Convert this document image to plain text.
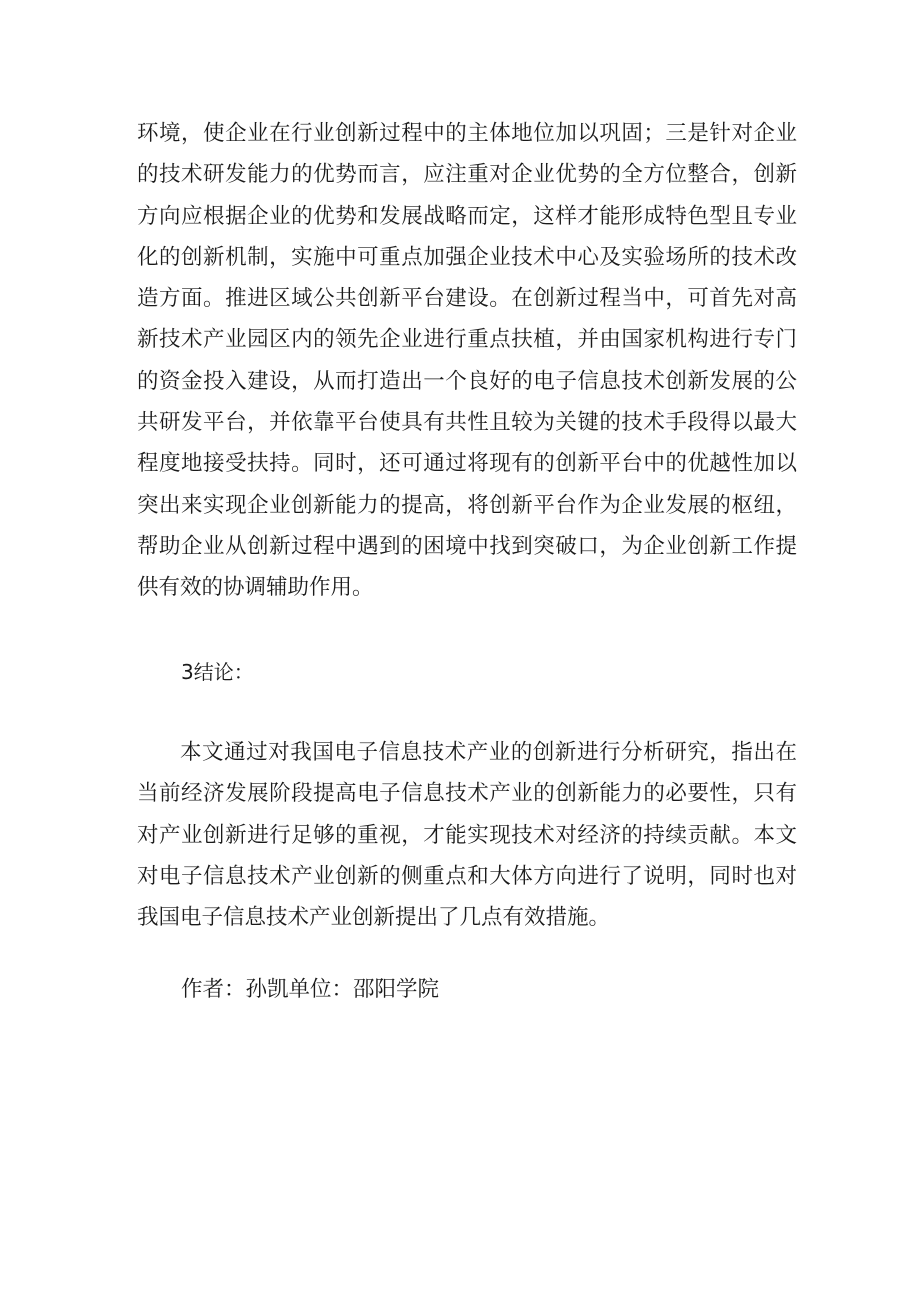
环境，使企业在行业创新过程中的主体地位加以巩固；三是针对企业的技术研发能力的优势而言，应注重对企业优势的全方位整合，创新方向应根据企业的优势和发展战略而定，这样才能形成特色型且专业化的创新机制，实施中可重点加强企业技术中心及实验场所的技术改造方面。推进区域公共创新平台建设。在创新过程当中，可首先对高新技术产业园区内的领先企业进行重点扶植，并由国家机构进行专门的资金投入建设，从而打造出一个良好的电子信息技术创新发展的公共研发平台，并依靠平台使具有共性且较为关键的技术手段得以最大程度地接受扶持。同时，还可通过将现有的创新平台中的优越性加以突出来实现企业创新能力的提高，将创新平台作为企业发展的枢纽，帮助企业从创新过程中遇到的困境中找到突破口，为企业创新工作提供有效的协调辅助作用。

3结论：

本文通过对我国电子信息技术产业的创新进行分析研究，指出在当前经济发展阶段提高电子信息技术产业的创新能力的必要性，只有对产业创新进行足够的重视，才能实现技术对经济的持续贡献。本文对电子信息技术产业创新的侧重点和大体方向进行了说明，同时也对我国电子信息技术产业创新提出了几点有效措施。

作者：孙凯单位：邵阳学院
